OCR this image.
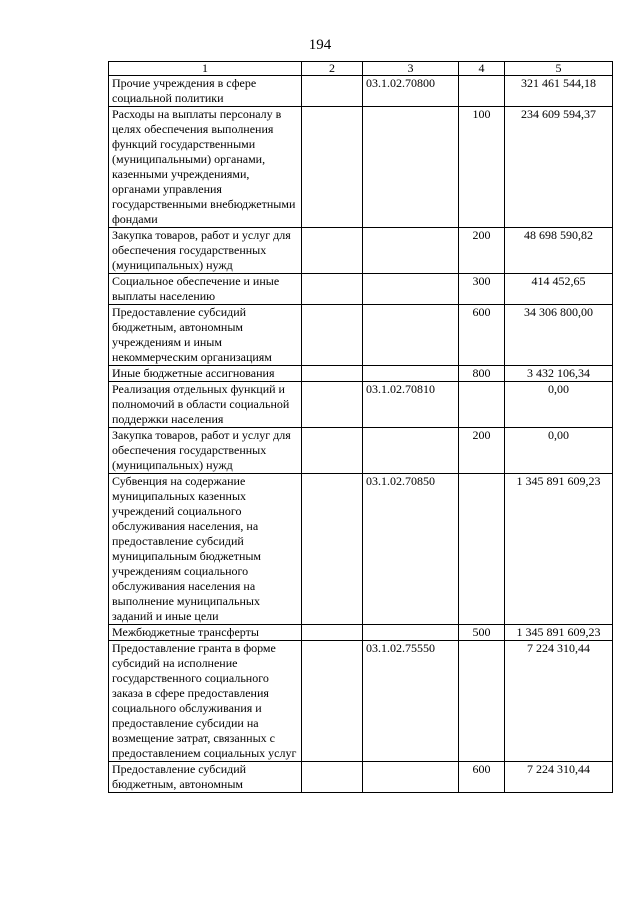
194
1	2	3	4	5
Прочие учреждения в сфере социальной политики		03.1.02.70800		321 461 544,18
Расходы на выплаты персоналу в целях обеспечения выполнения функций государственными (муниципальными) органами, казенными учреждениями, органами управления государственными внебюджетными фондами			100	234 609 594,37
Закупка товаров, работ и услуг для обеспечения государственных (муниципальных) нужд			200	48 698 590,82
Социальное обеспечение и иные выплаты населению			300	414 452,65
Предоставление субсидий бюджетным, автономным учреждениям и иным некоммерческим организациям			600	34 306 800,00
Иные бюджетные ассигнования			800	3 432 106,34
Реализация отдельных функций и полномочий в области социальной поддержки населения		03.1.02.70810		0,00
Закупка товаров, работ и услуг для обеспечения государственных (муниципальных) нужд			200	0,00
Субвенция на содержание муниципальных казенных учреждений социального обслуживания населения, на предоставление субсидий муниципальным бюджетным учреждениям социального обслуживания населения на выполнение муниципальных заданий и иные цели		03.1.02.70850		1 345 891 609,23
Межбюджетные трансферты			500	1 345 891 609,23
Предоставление гранта в форме субсидий на исполнение государственного социального заказа в сфере предоставления социального обслуживания и предоставление субсидии на возмещение затрат, связанных с предоставлением социальных услуг		03.1.02.75550		7 224 310,44
Предоставление субсидий бюджетным, автономным			600	7 224 310,44
